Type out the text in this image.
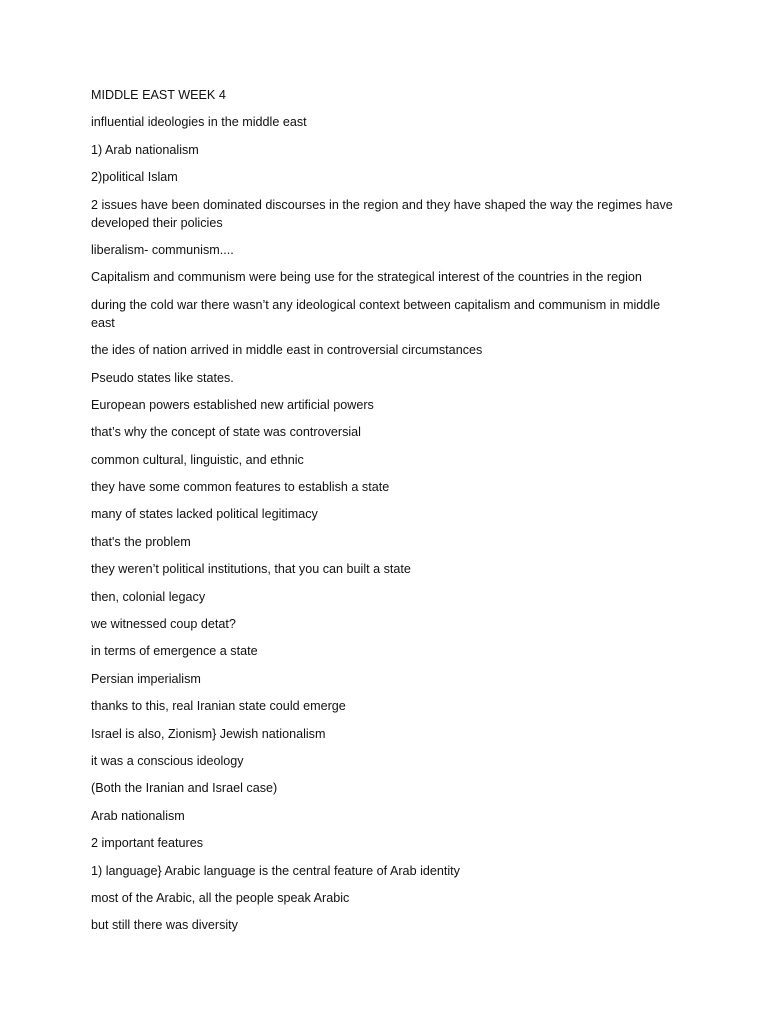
MIDDLE EAST WEEK 4

influential ideologies in the middle east

1) Arab nationalism

2)political Islam

2 issues have been dominated discourses in the region and they have shaped the way the regimes have developed their policies

liberalism- communism....

Capitalism and communism were being use for the strategical interest of the countries in the region

during the cold war there wasn’t any ideological context between capitalism and communism in middle east

the ides of nation arrived in middle east in controversial circumstances

Pseudo states like states.

European powers established new artificial powers

that’s why the concept of state was controversial

common cultural, linguistic, and ethnic

they have some common features to establish a state

many of states lacked political legitimacy

that's the problem

they weren’t political institutions, that you can built a state

then, colonial legacy

we witnessed coup detat?

in terms of emergence a state

Persian imperialism

thanks to this, real Iranian state could emerge

Israel is also, Zionism} Jewish nationalism

it was a conscious ideology

(Both the Iranian and Israel case)

Arab nationalism

2 important features

1) language} Arabic language is the central feature of Arab identity

most of the Arabic, all the people speak Arabic

but still there was diversity
